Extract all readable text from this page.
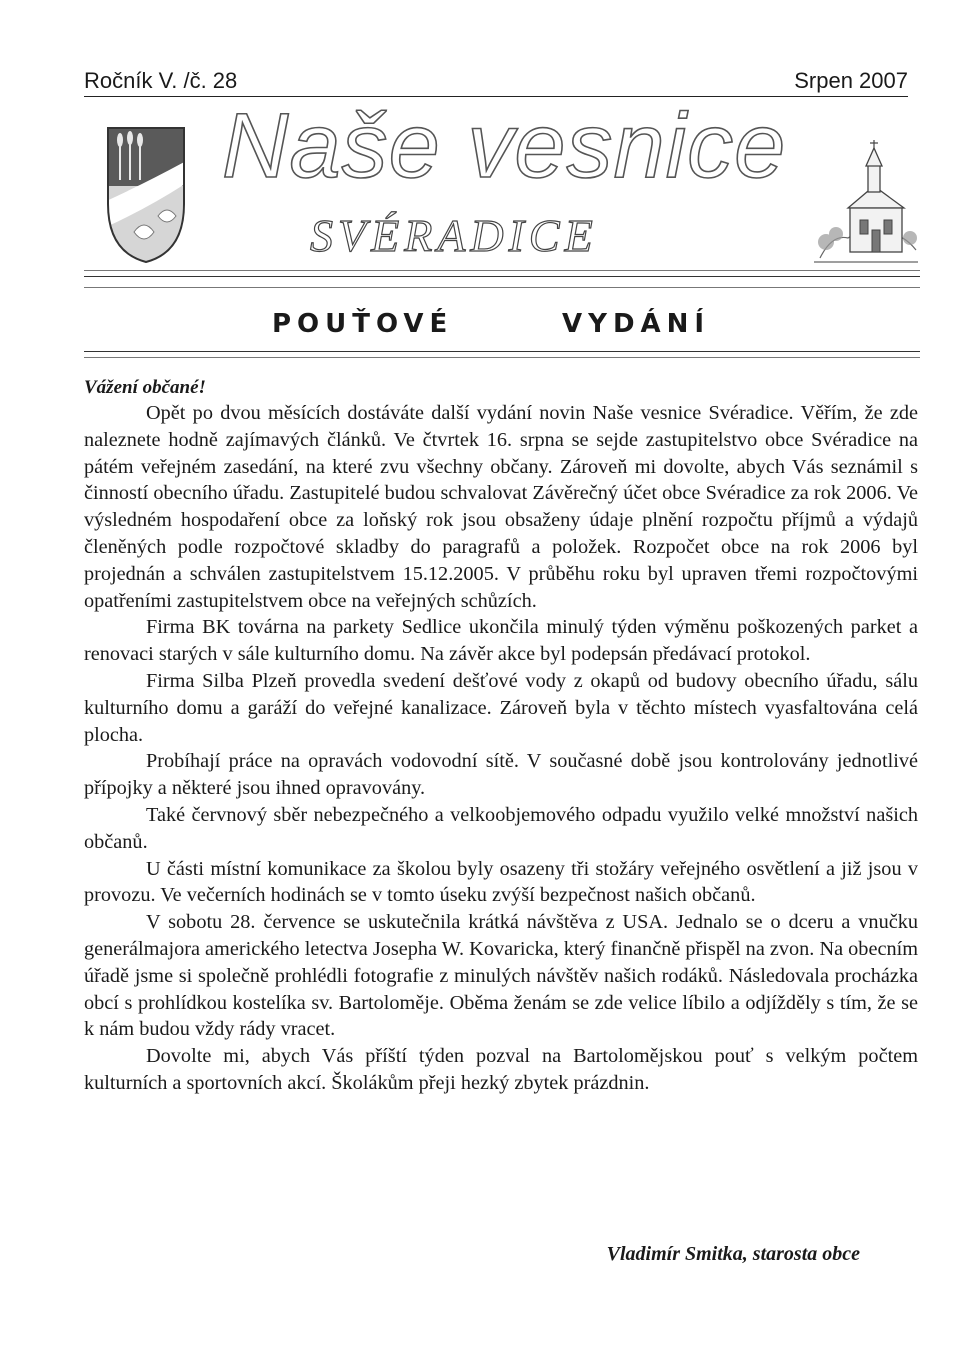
Ročník V. /č. 28	Srpen 2007
Naše vesnice
SVÉRADICE
POUŤOVÉ	VYDÁNÍ

Vážení občané!

Opět po dvou měsících dostáváte další vydání novin Naše vesnice Svéradice. Věřím, že zde naleznete hodně zajímavých článků. Ve čtvrtek 16. srpna se sejde zastupitelstvo obce Svéradice na pátém veřejném zasedání, na které zvu všechny občany. Zároveň mi dovolte, abych Vás seznámil s činností obecního úřadu. Zastupitelé budou schvalovat Závěrečný účet obce Svéradice za rok 2006. Ve výsledném hospodaření obce za loňský rok jsou obsaženy údaje plnění rozpočtu příjmů a výdajů členěných podle rozpočtové skladby do paragrafů a položek. Rozpočet obce na rok 2006 byl projednán a schválen zastupitelstvem 15.12.2005. V průběhu roku byl upraven třemi rozpočtovými opatřeními zastupitelstvem obce na veřejných schůzích.

Firma BK továrna na parkety Sedlice ukončila minulý týden výměnu poškozených parket a renovaci starých v sále kulturního domu. Na závěr akce byl podepsán předávací protokol.

Firma Silba Plzeň provedla svedení dešťové vody z okapů od budovy obecního úřadu, sálu kulturního domu a garáží do veřejné kanalizace. Zároveň byla v těchto místech vyasfaltována celá plocha.

Probíhají práce na opravách vodovodní sítě. V současné době jsou kontrolovány jednotlivé přípojky a některé jsou ihned opravovány.

Také červnový sběr nebezpečného a velkoobjemového odpadu využilo velké množství našich občanů.

U části místní komunikace za školou byly osazeny tři stožáry veřejného osvětlení a již jsou v provozu. Ve večerních hodinách se v tomto úseku zvýší bezpečnost našich občanů.

V sobotu 28. července se uskutečnila krátká návštěva z USA. Jednalo se o dceru a vnučku generálmajora amerického letectva Josepha W. Kovaricka, který finančně přispěl na zvon. Na obecním úřadě jsme si společně prohlédli fotografie z minulých návštěv našich rodáků. Následovala procházka obcí s prohlídkou kostelíka sv. Bartoloměje. Oběma ženám se zde velice líbilo a odjížděly s tím, že se k nám budou vždy rády vracet.

Dovolte mi, abych Vás příští týden pozval na Bartolomějskou pouť s velkým počtem kulturních a sportovních akcí. Školákům přeji hezký zbytek prázdnin.

Vladimír Smitka, starosta obce
